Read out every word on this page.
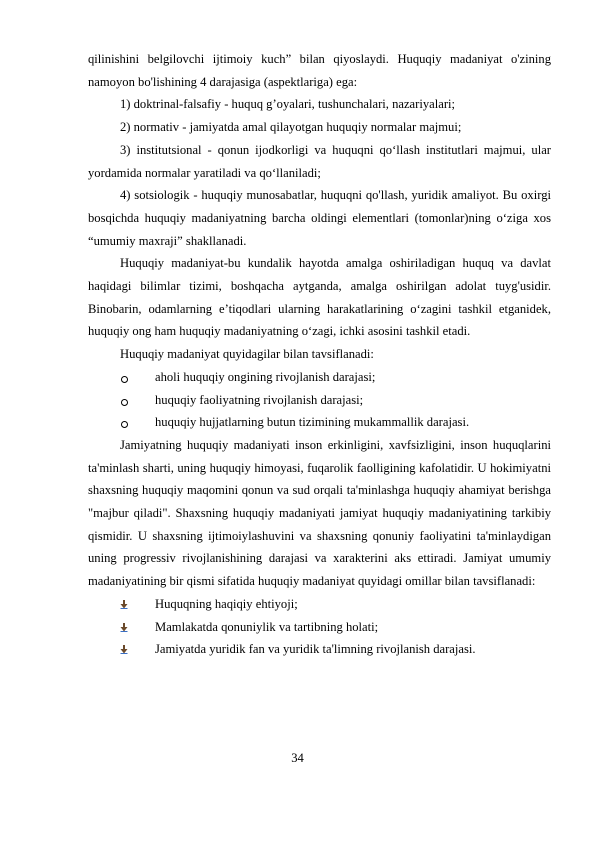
qilinishini belgilovchi ijtimoiy kuch” bilan qiyoslaydi. Huquqiy madaniyat o'zining namoyon bo'lishining 4 darajasiga (aspektlariga) ega:

1) doktrinal-falsafiy - huquq g’oyalari, tushunchalari, nazariyalari;

2) normativ - jamiyatda amal qilayotgan huquqiy normalar majmui;

3) institutsional - qonun ijodkorligi va huquqni qo‘llash institutlari majmui, ular yordamida normalar yaratiladi va qo‘llaniladi;

4) sotsiologik - huquqiy munosabatlar, huquqni qo'llash, yuridik amaliyot. Bu oxirgi bosqichda huquqiy madaniyatning barcha oldingi elementlari (tomonlar)ning o‘ziga xos “umumiy maxraji” shakllanadi.

Huquqiy madaniyat-bu kundalik hayotda amalga oshiriladigan huquq va davlat haqidagi bilimlar tizimi, boshqacha aytganda, amalga oshirilgan adolat tuyg'usidir. Binobarin, odamlarning e’tiqodlari ularning harakatlarining o‘zagini tashkil etganidek, huquqiy ong ham huquqiy madaniyatning o‘zagi, ichki asosini tashkil etadi.

Huquqiy madaniyat quyidagilar bilan tavsiflanadi:

aholi huquqiy ongining rivojlanish darajasi;
huquqiy faoliyatning rivojlanish darajasi;
huquqiy hujjatlarning butun tizimining mukammallik darajasi.

Jamiyatning huquqiy madaniyati inson erkinligini, xavfsizligini, inson huquqlarini ta'minlash sharti, uning huquqiy himoyasi, fuqarolik faolligining kafolatidir. U hokimiyatni shaxsning huquqiy maqomini qonun va sud orqali ta'minlashga huquqiy ahamiyat berishga "majbur qiladi". Shaxsning huquqiy madaniyati jamiyat huquqiy madaniyatining tarkibiy qismidir. U shaxsning ijtimoiylashuvini va shaxsning qonuniy faoliyatini ta'minlaydigan uning progressiv rivojlanishining darajasi va xarakterini aks ettiradi. Jamiyat umumiy madaniyatining bir qismi sifatida huquqiy madaniyat quyidagi omillar bilan tavsiflanadi:

Huquqning haqiqiy ehtiyoji;
Mamlakatda qonuniylik va tartibning holati;
Jamiyatda yuridik fan va yuridik ta'limning rivojlanish darajasi.
34
